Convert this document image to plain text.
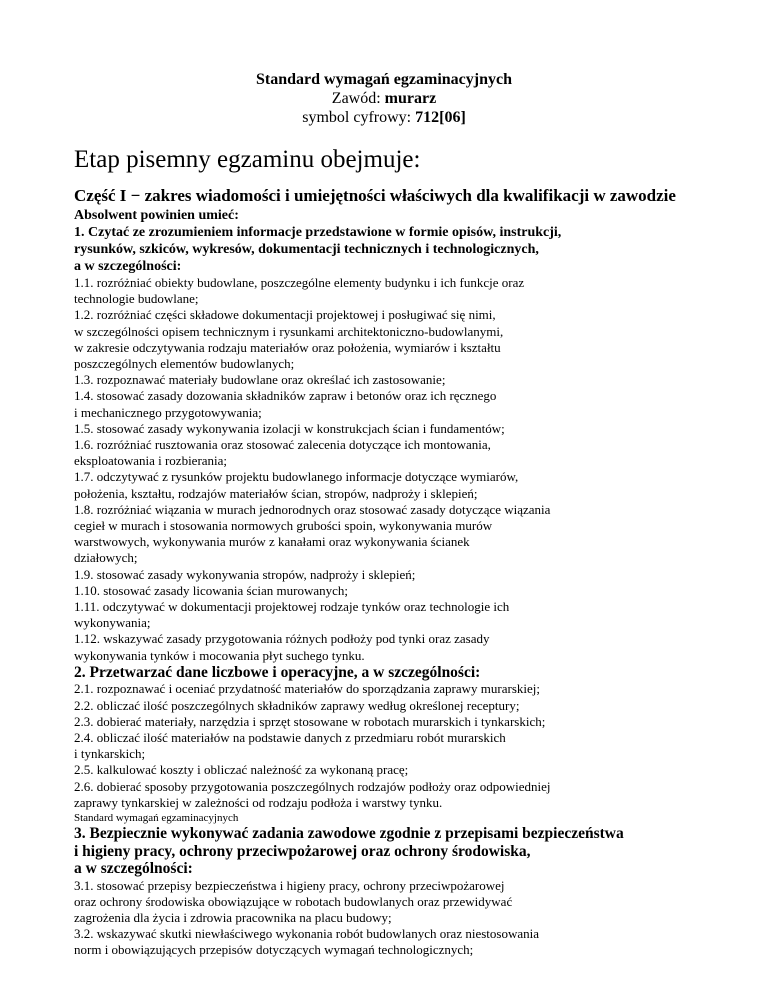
Standard wymagań egzaminacyjnych
Zawód: murarz
symbol cyfrowy: 712[06]
Etap pisemny egzaminu obejmuje:
Część I − zakres wiadomości i umiejętności właściwych dla kwalifikacji w zawodzie
Absolwent powinien umieć:
1. Czytać ze zrozumieniem informacje przedstawione w formie opisów, instrukcji,
rysunków, szkiców, wykresów, dokumentacji technicznych i technologicznych,
a w szczególności:
1.1. rozróżniać obiekty budowlane, poszczególne elementy budynku i ich funkcje oraz
technologie budowlane;
1.2. rozróżniać części składowe dokumentacji projektowej i posługiwać się nimi,
w szczególności opisem technicznym i rysunkami architektoniczno-budowlanymi,
w zakresie odczytywania rodzaju materiałów oraz położenia, wymiarów i kształtu
poszczególnych elementów budowlanych;
1.3. rozpoznawać materiały budowlane oraz określać ich zastosowanie;
1.4. stosować zasady dozowania składników zapraw i betonów oraz ich ręcznego
i mechanicznego przygotowywania;
1.5. stosować zasady wykonywania izolacji w konstrukcjach ścian i fundamentów;
1.6. rozróżniać rusztowania oraz stosować zalecenia dotyczące ich montowania,
eksploatowania i rozbierania;
1.7. odczytywać z rysunków projektu budowlanego informacje dotyczące wymiarów,
położenia, kształtu, rodzajów materiałów ścian, stropów, nadproży i sklepień;
1.8. rozróżniać wiązania w murach jednorodnych oraz stosować zasady dotyczące wiązania
cegieł w murach i stosowania normowych grubości spoin, wykonywania murów
warstwowych, wykonywania murów z kanałami oraz wykonywania ścianek
działowych;
1.9. stosować zasady wykonywania stropów, nadproży i sklepień;
1.10. stosować zasady licowania ścian murowanych;
1.11. odczytywać w dokumentacji projektowej rodzaje tynków oraz technologie ich
wykonywania;
1.12. wskazywać zasady przygotowania różnych podłoży pod tynki oraz zasady
wykonywania tynków i mocowania płyt suchego tynku.
2. Przetwarzać dane liczbowe i operacyjne, a w szczególności:
2.1. rozpoznawać i oceniać przydatność materiałów do sporządzania zaprawy murarskiej;
2.2. obliczać ilość poszczególnych składników zaprawy według określonej receptury;
2.3. dobierać materiały, narzędzia i sprzęt stosowane w robotach murarskich i tynkarskich;
2.4. obliczać ilość materiałów na podstawie danych z przedmiaru robót murarskich
i tynkarskich;
2.5. kalkulować koszty i obliczać należność za wykonaną pracę;
2.6. dobierać sposoby przygotowania poszczególnych rodzajów podłoży oraz odpowiedniej
zaprawy tynkarskiej w zależności od rodzaju podłoża i warstwy tynku.
Standard wymagań egzaminacyjnych
3. Bezpiecznie wykonywać zadania zawodowe zgodnie z przepisami bezpieczeństwa
i higieny pracy, ochrony przeciwpożarowej oraz ochrony środowiska,
a w szczególności:
3.1. stosować przepisy bezpieczeństwa i higieny pracy, ochrony przeciwpożarowej
oraz ochrony środowiska obowiązujące w robotach budowlanych oraz przewidywać
zagrożenia dla życia i zdrowia pracownika na placu budowy;
3.2. wskazywać skutki niewłaściwego wykonania robót budowlanych oraz niestosowania
norm i obowiązujących przepisów dotyczących wymagań technologicznych;
